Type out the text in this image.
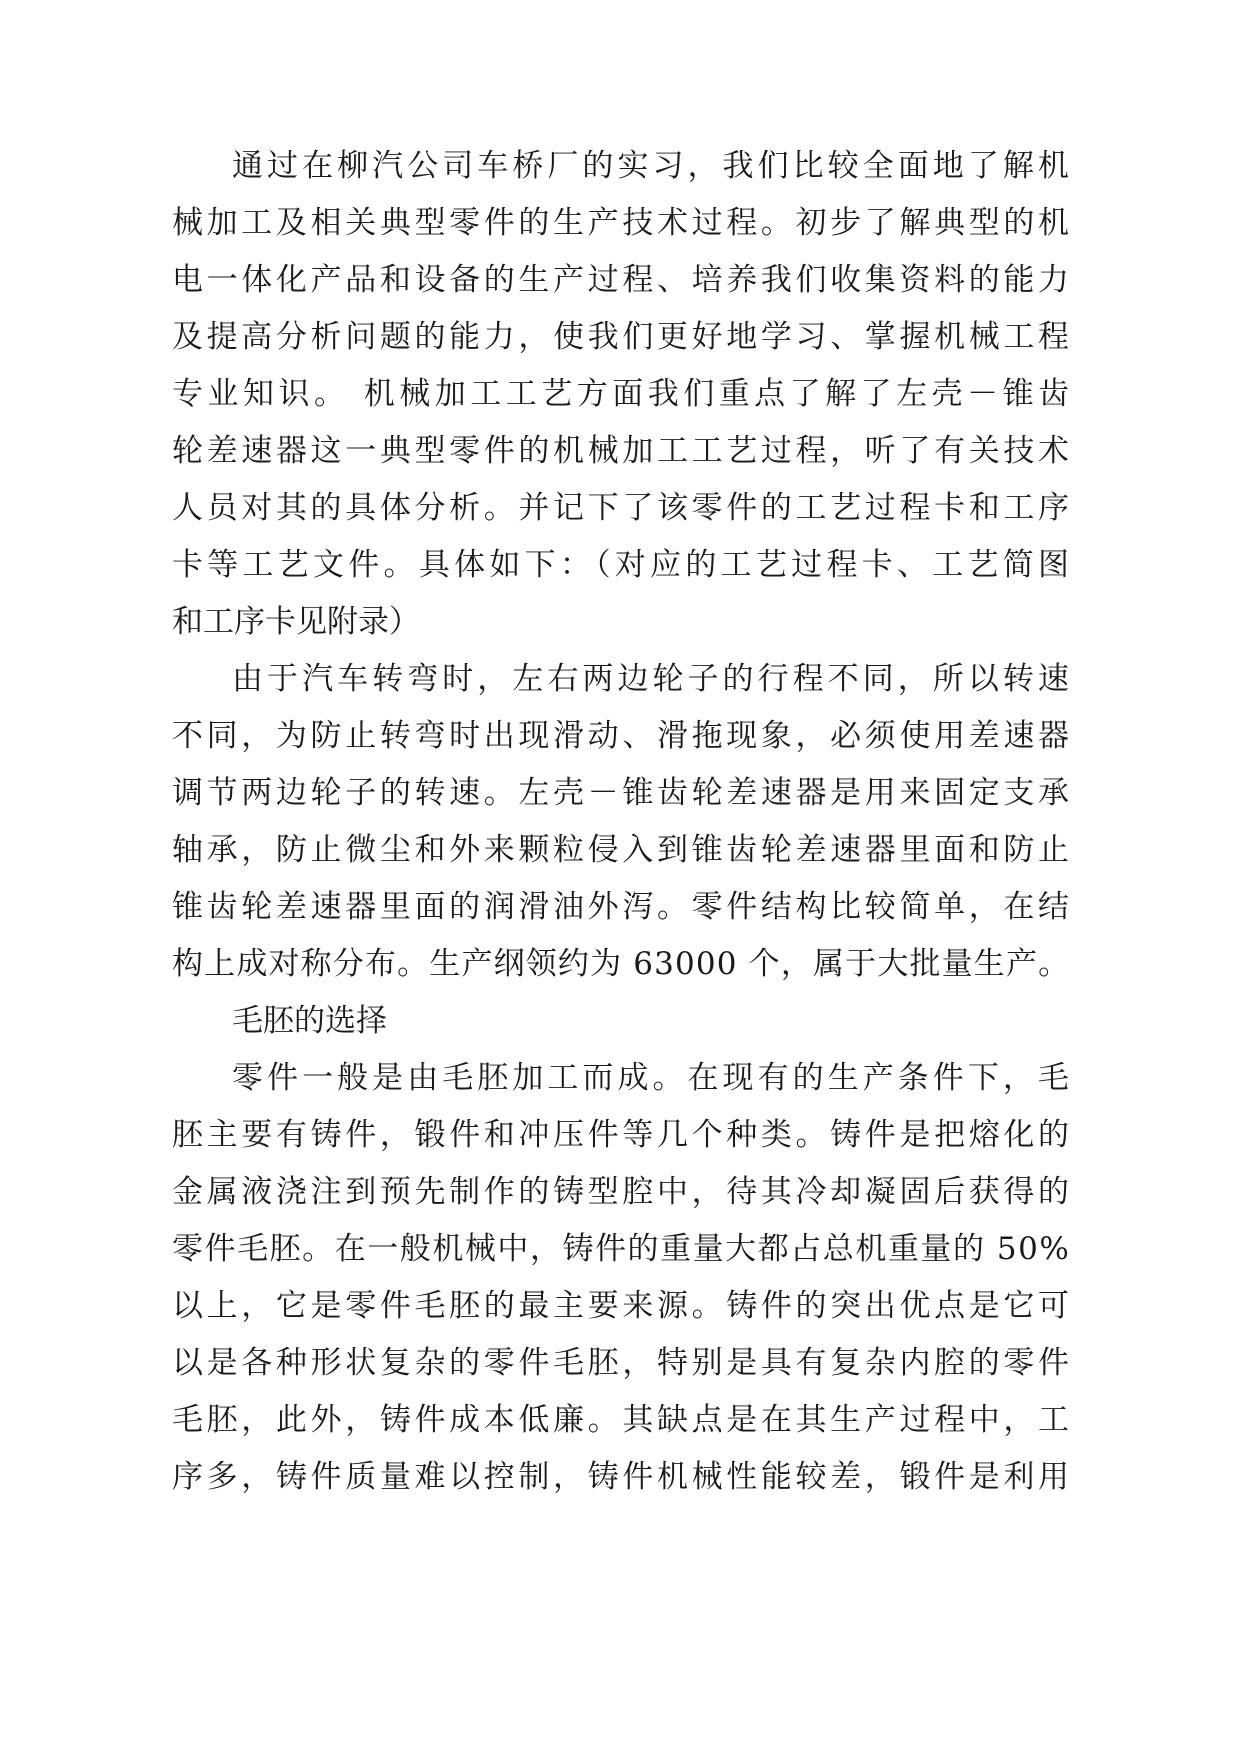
通过在柳汽公司车桥厂的实习，我们比较全面地了解机
械加工及相关典型零件的生产技术过程。初步了解典型的机
电一体化产品和设备的生产过程、培养我们收集资料的能力
及提高分析问题的能力，使我们更好地学习、掌握机械工程
专业知识。 机械加工工艺方面我们重点了解了左壳－锥齿
轮差速器这一典型零件的机械加工工艺过程，听了有关技术
人员对其的具体分析。并记下了该零件的工艺过程卡和工序
卡等工艺文件。具体如下：（对应的工艺过程卡、工艺简图
和工序卡见附录）
由于汽车转弯时，左右两边轮子的行程不同，所以转速
不同，为防止转弯时出现滑动、滑拖现象，必须使用差速器
调节两边轮子的转速。左壳－锥齿轮差速器是用来固定支承
轴承，防止微尘和外来颗粒侵入到锥齿轮差速器里面和防止
锥齿轮差速器里面的润滑油外泻。零件结构比较简单，在结
构上成对称分布。生产纲领约为 63000 个，属于大批量生产。
毛胚的选择
零件一般是由毛胚加工而成。在现有的生产条件下，毛
胚主要有铸件，锻件和冲压件等几个种类。铸件是把熔化的
金属液浇注到预先制作的铸型腔中，待其冷却凝固后获得的
零件毛胚。在一般机械中，铸件的重量大都占总机重量的 50%
以上，它是零件毛胚的最主要来源。铸件的突出优点是它可
以是各种形状复杂的零件毛胚，特别是具有复杂内腔的零件
毛胚，此外，铸件成本低廉。其缺点是在其生产过程中，工
序多，铸件质量难以控制，铸件机械性能较差，锻件是利用
